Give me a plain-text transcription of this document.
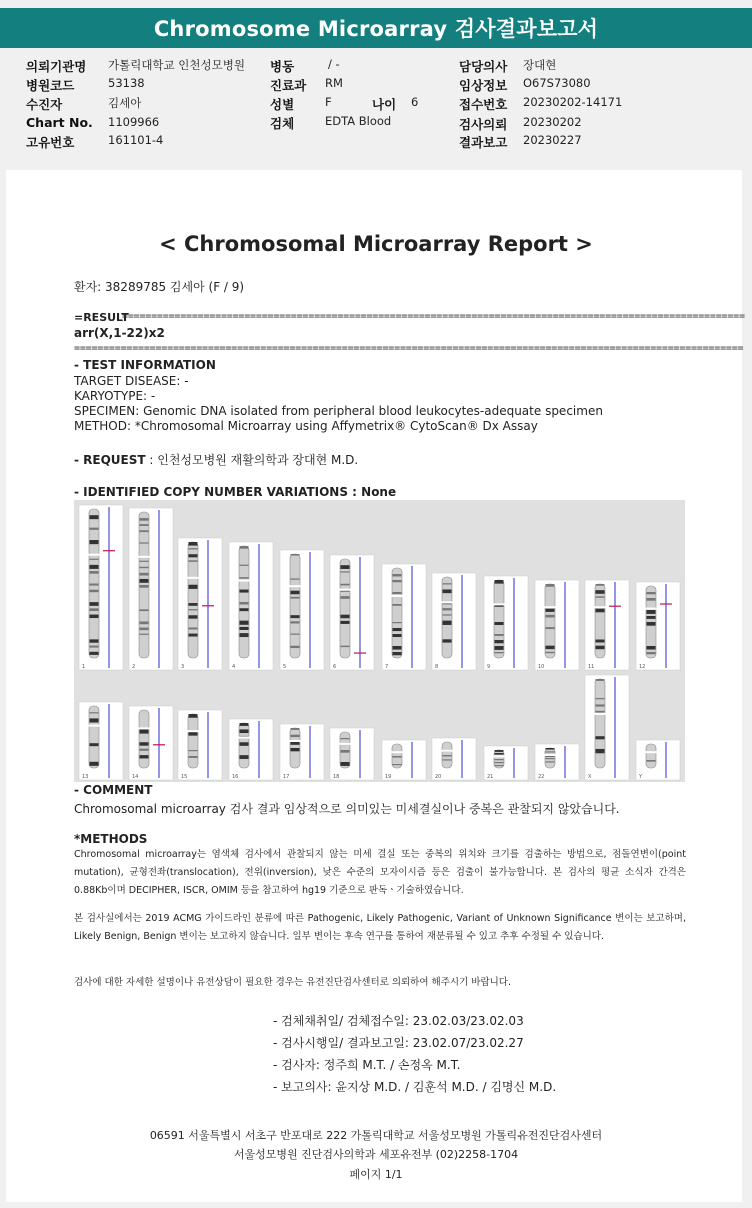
Chromosome Microarray 검사결과보고서
의뢰기관명 가톨릭대학교 인천성모병원
병원코드	53138
수진자	김세아
Chart No. 1109966
고유번호	161101-4
병동	/ -
진료과 RM
성별	F	나이 6
검체	EDTA Blood
담당의사 장대현
임상정보 O67S73080
접수번호 20230202-14171
검사의뢰 20230202
결과보고 20230227
< Chromosomal Microarray Report >
환자: 38289785 김세아 (F / 9)
=RESULT
===========================================================================================================
arr(X,1-22)x2
===================================================================================================================
- TEST INFORMATION
TARGET DISEASE: -
KARYOTYPE: -
SPECIMEN: Genomic DNA isolated from peripheral blood leukocytes-adequate specimen
METHOD: *Chromosomal Microarray using Affymetrix® CytoScan® Dx Assay
- REQUEST : 인천성모병원 재활의학과 장대현 M.D.
- IDENTIFIED COPY NUMBER VARIATIONS : None
1	2	3	4	5	6	7	8	9	10	11	12
13	14	15	16	17	18	19	20	21	22	X	Y
- COMMENT
Chromosomal microarray 검사 결과 임상적으로 의미있는 미세결실이나 중복은 관찰되지 않았습니다.
*METHODS
Chromosomal microarray는 염색체 검사에서 관찰되지 않는 미세 결실 또는 중복의 위치와 크기를 검출하는 방법으로, 점돌연변이(point mutation), 균형전좌(translocation), 전위(inversion), 낮은 수준의 모자이시즘 등은 검출이 불가능합니다. 본 검사의 평균 소식자 간격은 0.88Kb이며 DECIPHER, ISCR, OMIM 등을 참고하여 hg19 기준으로 판독ㆍ기술하였습니다.
본 검사실에서는 2019 ACMG 가이드라인 분류에 따른 Pathogenic, Likely Pathogenic, Variant of Unknown Significance 변이는 보고하며, Likely Benign, Benign 변이는 보고하지 않습니다. 일부 변이는 후속 연구를 통하여 재분류될 수 있고 추후 수정될 수 있습니다.
검사에 대한 자세한 설명이나 유전상담이 필요한 경우는 유전진단검사센터로 의뢰하여 해주시기 바랍니다.
- 검체채취일/ 검체접수일: 23.02.03/23.02.03
- 검사시행일/ 결과보고일: 23.02.07/23.02.27
- 검사자: 정주희 M.T. / 손정옥 M.T.
- 보고의사: 윤지상 M.D. / 김훈석 M.D. / 김명신 M.D.
06591 서울특별시 서초구 반포대로 222 가톨릭대학교 서울성모병원 가톨릭유전진단검사센터
서울성모병원 진단검사의학과 세포유전부 (02)2258-1704
페이지 1/1
